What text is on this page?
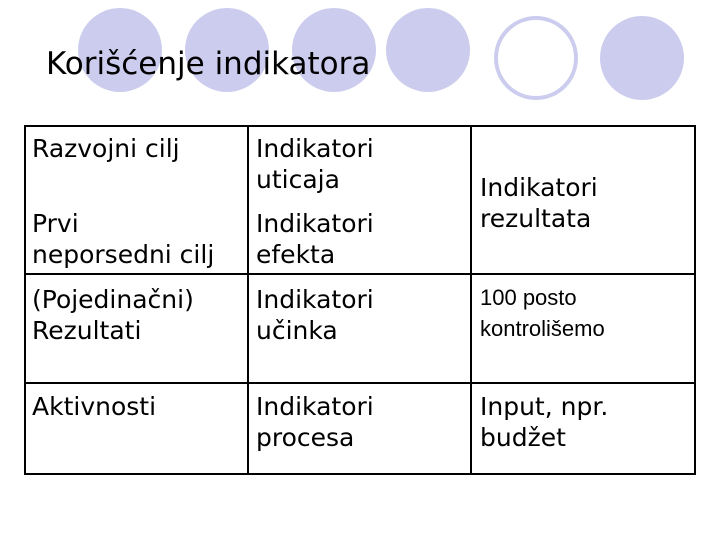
Korišćenje indikatora
Razvojni cilj
Prvi
neporsedni cilj
(Pojedinačni)
Rezultati
Aktivnosti
Indikatori
uticaja
Indikatori
efekta
Indikatori
učinka
Indikatori
procesa
Indikatori
rezultata
100 posto
kontrolišemo
Input, npr.
budžet
